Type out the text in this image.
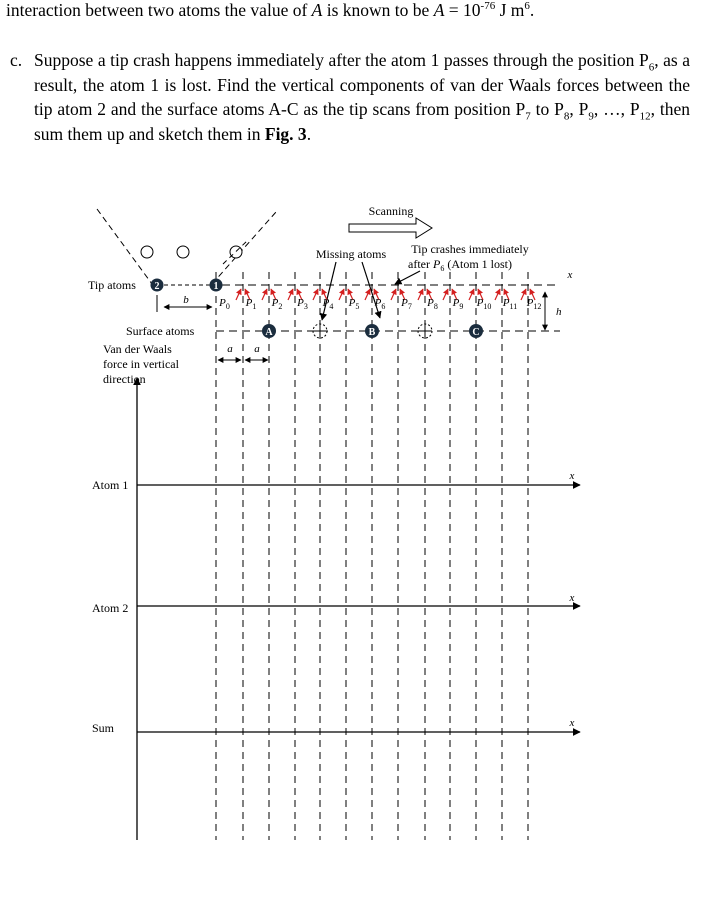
interaction between two atoms the value of A is known to be $A = 10^{-76}$ J $m^6$.
c. Suppose a tip crash happens immediately after the atom 1 passes through the position $P_6$, as a result, the atom 1 is lost. Find the vertical components of van der Waals forces between the tip atom 2 and the surface atoms A-C as the tip scans from position $P_7$ to $P_8$, $P_9$, …, $P_{12}$, then sum them up and sketch them in Fig. 3.
Scanning
Missing atoms Tip crashes immediately
after $P_6$ (Atom 1 lost)
Tip atoms 2	1
x
b	$P_0$ $P_1$ $P_2$ $P_3$ $P_4$ $P_5$ $P_6$ $P_7$ $P_8$ $P_9$ $P_{10}$ $P_{11}$ $P_{12}$ h
Surface atoms	A	B	C
a a
Van der Waals
force in vertical
direction
x
Atom 1
x
Atom 2
x
Sum
